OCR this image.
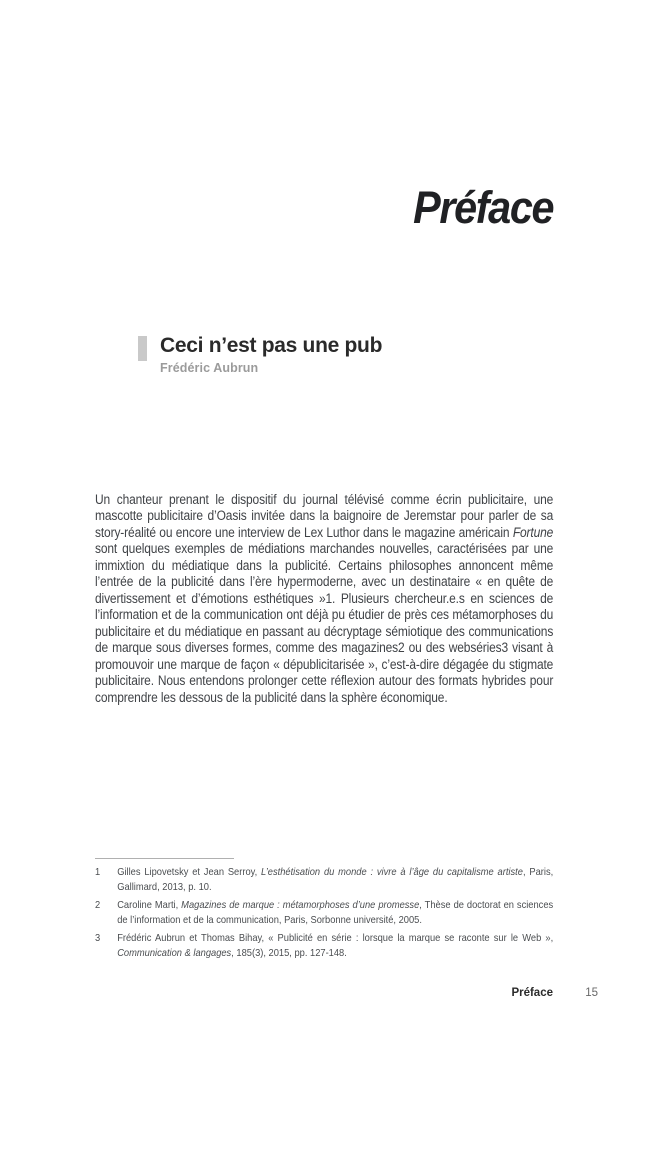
Préface
Ceci n’est pas une pub
Frédéric Aubrun

Un chanteur prenant le dispositif du journal télévisé comme écrin publicitaire, une mascotte publicitaire d’Oasis invitée dans la baignoire de Jeremstar pour parler de sa story-réalité ou encore une interview de Lex Luthor dans le magazine américain Fortune sont quelques exemples de médiations marchandes nouvelles, caractérisées par une immixtion du médiatique dans la publicité. Certains philosophes annoncent même l’entrée de la publicité dans l’ère hypermoderne, avec un destinataire « en quête de divertissement et d’émotions esthétiques »1. Plusieurs chercheur.e.s en sciences de l’information et de la communication ont déjà pu étudier de près ces métamorphoses du publicitaire et du médiatique en passant au décryptage sémiotique des communications de marque sous diverses formes, comme des magazines2 ou des webséries3 visant à promouvoir une marque de façon « dépublicitarisée », c’est-à-dire dégagée du stigmate publicitaire. Nous entendons prolonger cette réflexion autour des formats hybrides pour comprendre les dessous de la publicité dans la sphère économique.

1	Gilles Lipovetsky et Jean Serroy, L’esthétisation du monde : vivre à l’âge du capitalisme artiste, Paris, Gallimard, 2013, p. 10.
2	Caroline Marti, Magazines de marque : métamorphoses d’une promesse, Thèse de doctorat en sciences de l’information et de la communication, Paris, Sorbonne université, 2005.
3	Frédéric Aubrun et Thomas Bihay, « Publicité en série : lorsque la marque se raconte sur le Web », Communication & langages, 185(3), 2015, pp. 127-148.
Préface	15
